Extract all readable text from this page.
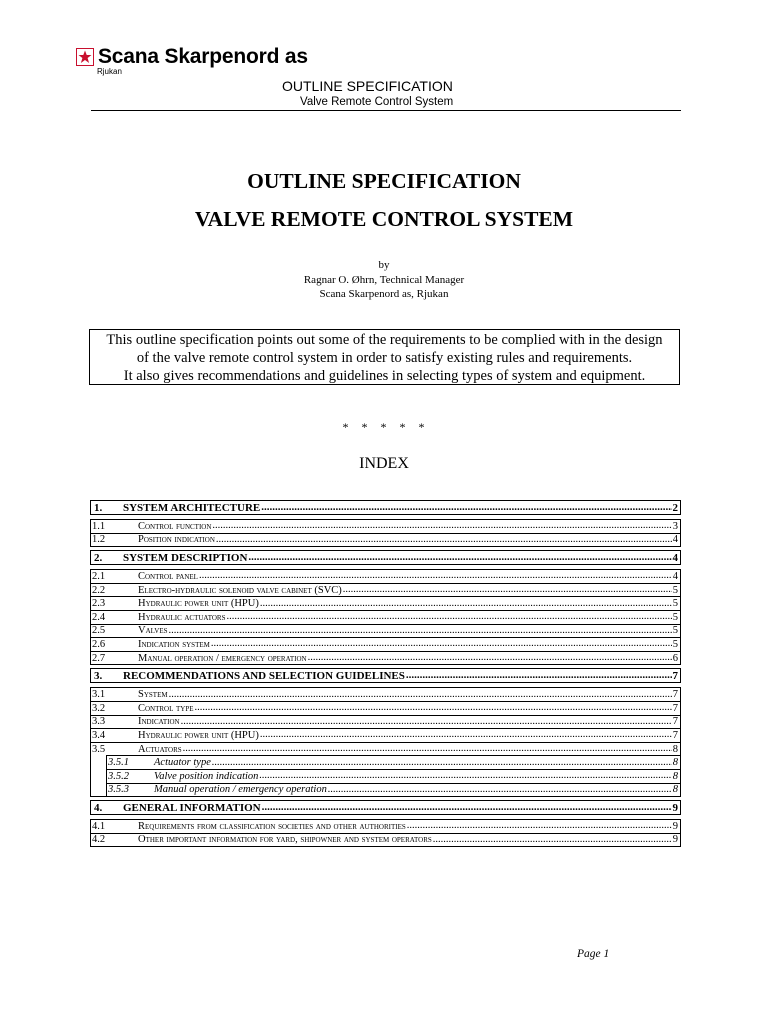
Scana Skarpenord as
Rjukan
OUTLINE SPECIFICATION
Valve Remote Control System
OUTLINE SPECIFICATION
VALVE REMOTE CONTROL SYSTEM
by
Ragnar O. Øhrn, Technical Manager
Scana Skarpenord as, Rjukan
This outline specification points out some of the requirements to be complied with in the design
of the valve remote control system in order to satisfy existing rules and requirements.
It also gives recommendations and guidelines in selecting types of system and equipment.
* * * * *
INDEX
1.	SYSTEM ARCHITECTURE .....	2
1.1	Control function .....	3
1.2	Position indication .....	4
2.	SYSTEM DESCRIPTION .....	4
2.1	Control panel .....	4
2.2	Electro-hydraulic solenoid valve cabinet (SVC) .....	5
2.3	Hydraulic power unit (HPU) .....	5
2.4	Hydraulic actuators .....	5
2.5	Valves .....	5
2.6	Indication system .....	5
2.7	Manual operation / emergency operation .....	6
3.	RECOMMENDATIONS AND SELECTION GUIDELINES .....	7
3.1	System .....	7
3.2	Control type .....	7
3.3	Indication .....	7
3.4	Hydraulic power unit (HPU) .....	7
3.5	Actuators .....	8
3.5.1	Actuator type .....	8
3.5.2	Valve position indication .....	8
3.5.3	Manual operation / emergency operation .....	8
4.	GENERAL INFORMATION .....	9
4.1	Requirements from classification societies and other authorities .....	9
4.2	Other important information for yard, shipowner and system operators .....	9
Page 1
